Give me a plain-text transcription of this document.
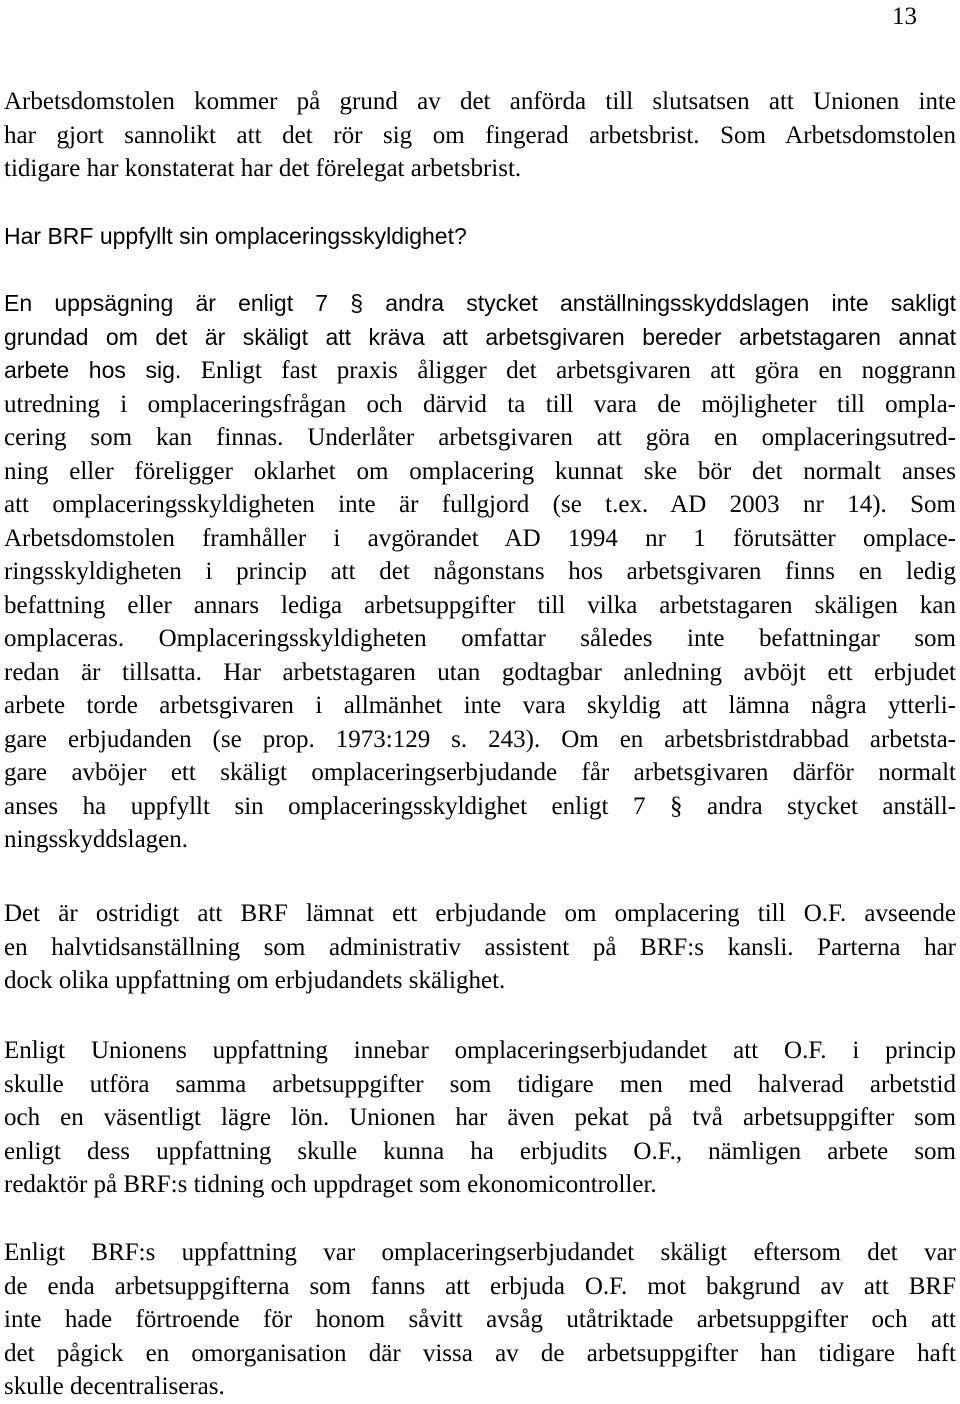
13
Arbetsdomstolen kommer på grund av det anförda till slutsatsen att Unionen inte
har gjort sannolikt att det rör sig om fingerad arbetsbrist. Som Arbetsdomstolen
tidigare har konstaterat har det förelegat arbetsbrist.
Har BRF uppfyllt sin omplaceringsskyldighet?
En uppsägning är enligt 7 § andra stycket anställningsskyddslagen inte sakligt
grundad om det är skäligt att kräva att arbetsgivaren bereder arbetstagaren annat
arbete hos sig. Enligt fast praxis åligger det arbetsgivaren att göra en noggrann
utredning i omplaceringsfrågan och därvid ta till vara de möjligheter till ompla-
cering som kan finnas. Underlåter arbetsgivaren att göra en omplaceringsutred-
ning eller föreligger oklarhet om omplacering kunnat ske bör det normalt anses
att omplaceringsskyldigheten inte är fullgjord (se t.ex. AD 2003 nr 14). Som
Arbetsdomstolen framhåller i avgörandet AD 1994 nr 1 förutsätter omplace-
ringsskyldigheten i princip att det någonstans hos arbetsgivaren finns en ledig
befattning eller annars lediga arbetsuppgifter till vilka arbetstagaren skäligen kan
omplaceras. Omplaceringsskyldigheten omfattar således inte befattningar som
redan är tillsatta. Har arbetstagaren utan godtagbar anledning avböjt ett erbjudet
arbete torde arbetsgivaren i allmänhet inte vara skyldig att lämna några ytterli-
gare erbjudanden (se prop. 1973:129 s. 243). Om en arbetsbristdrabbad arbetsta-
gare avböjer ett skäligt omplaceringserbjudande får arbetsgivaren därför normalt
anses ha uppfyllt sin omplaceringsskyldighet enligt 7 § andra stycket anställ-
ningsskyddslagen.
Det är ostridigt att BRF lämnat ett erbjudande om omplacering till O.F. avseende
en halvtidsanställning som administrativ assistent på BRF:s kansli. Parterna har
dock olika uppfattning om erbjudandets skälighet.
Enligt Unionens uppfattning innebar omplaceringserbjudandet att O.F. i princip
skulle utföra samma arbetsuppgifter som tidigare men med halverad arbetstid
och en väsentligt lägre lön. Unionen har även pekat på två arbetsuppgifter som
enligt dess uppfattning skulle kunna ha erbjudits O.F., nämligen arbete som
redaktör på BRF:s tidning och uppdraget som ekonomicontroller.
Enligt BRF:s uppfattning var omplaceringserbjudandet skäligt eftersom det var
de enda arbetsuppgifterna som fanns att erbjuda O.F. mot bakgrund av att BRF
inte hade förtroende för honom såvitt avsåg utåtriktade arbetsuppgifter och att
det pågick en omorganisation där vissa av de arbetsuppgifter han tidigare haft
skulle decentraliseras.
